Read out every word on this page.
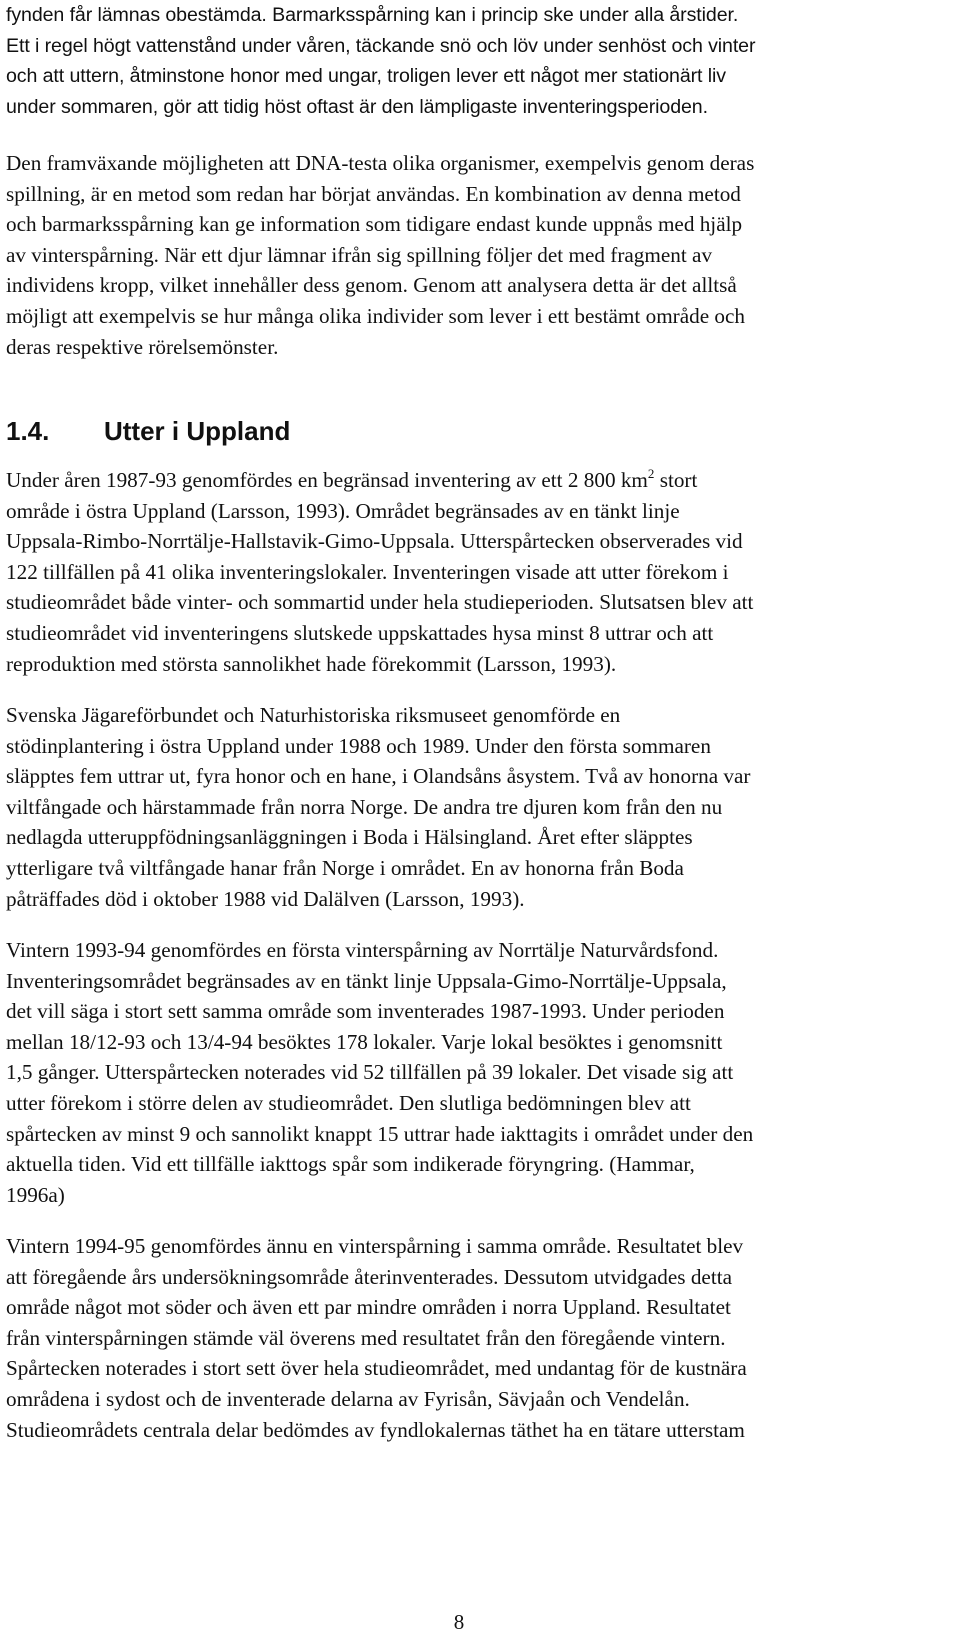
fynden får lämnas obestämda. Barmarksspårning kan i princip ske under alla årstider.
Ett i regel högt vattenstånd under våren, täckande snö och löv under senhöst och vinter
och att uttern, åtminstone honor med ungar, troligen lever ett något mer stationärt liv
under sommaren, gör att tidig höst oftast är den lämpligaste inventeringsperioden.
Den framväxande möjligheten att DNA-testa olika organismer, exempelvis genom deras
spillning, är en metod som redan har börjat användas. En kombination av denna metod
och barmarksspårning kan ge information som tidigare endast kunde uppnås med hjälp
av vinterspårning. När ett djur lämnar ifrån sig spillning följer det med fragment av
individens kropp, vilket innehåller dess genom. Genom att analysera detta är det alltså
möjligt att exempelvis se hur många olika individer som lever i ett bestämt område och
deras respektive rörelsemönster.
1.4. Utter i Uppland
Under åren 1987-93 genomfördes en begränsad inventering av ett 2 800 $km^2$ stort
område i östra Uppland (Larsson, 1993). Området begränsades av en tänkt linje
Uppsala-Rimbo-Norrtälje-Hallstavik-Gimo-Uppsala. Utterspårtecken observerades vid
122 tillfällen på 41 olika inventeringslokaler. Inventeringen visade att utter förekom i
studieområdet både vinter- och sommartid under hela studieperioden. Slutsatsen blev att
studieområdet vid inventeringens slutskede uppskattades hysa minst 8 uttrar och att
reproduktion med största sannolikhet hade förekommit (Larsson, 1993).
Svenska Jägareförbundet och Naturhistoriska riksmuseet genomförde en
stödinplantering i östra Uppland under 1988 och 1989. Under den första sommaren
släpptes fem uttrar ut, fyra honor och en hane, i Olandsåns åsystem. Två av honorna var
viltfångade och härstammade från norra Norge. De andra tre djuren kom från den nu
nedlagda utteruppfödningsanläggningen i Boda i Hälsingland. Året efter släpptes
ytterligare två viltfångade hanar från Norge i området. En av honorna från Boda
påträffades död i oktober 1988 vid Dalälven (Larsson, 1993).
Vintern 1993-94 genomfördes en första vinterspårning av Norrtälje Naturvårdsfond.
Inventeringsområdet begränsades av en tänkt linje Uppsala-Gimo-Norrtälje-Uppsala,
det vill säga i stort sett samma område som inventerades 1987-1993. Under perioden
mellan 18/12-93 och 13/4-94 besöktes 178 lokaler. Varje lokal besöktes i genomsnitt
1,5 gånger. Utterspårtecken noterades vid 52 tillfällen på 39 lokaler. Det visade sig att
utter förekom i större delen av studieområdet. Den slutliga bedömningen blev att
spårtecken av minst 9 och sannolikt knappt 15 uttrar hade iakttagits i området under den
aktuella tiden. Vid ett tillfälle iakttogs spår som indikerade föryngring. (Hammar,
1996a)
Vintern 1994-95 genomfördes ännu en vinterspårning i samma område. Resultatet blev
att föregående års undersökningsområde återinventerades. Dessutom utvidgades detta
område något mot söder och även ett par mindre områden i norra Uppland. Resultatet
från vinterspårningen stämde väl överens med resultatet från den föregående vintern.
Spårtecken noterades i stort sett över hela studieområdet, med undantag för de kustnära
områdena i sydost och de inventerade delarna av Fyrisån, Sävjaån och Vendelån.
Studieområdets centrala delar bedömdes av fyndlokalernas täthet ha en tätare utterstam
8
